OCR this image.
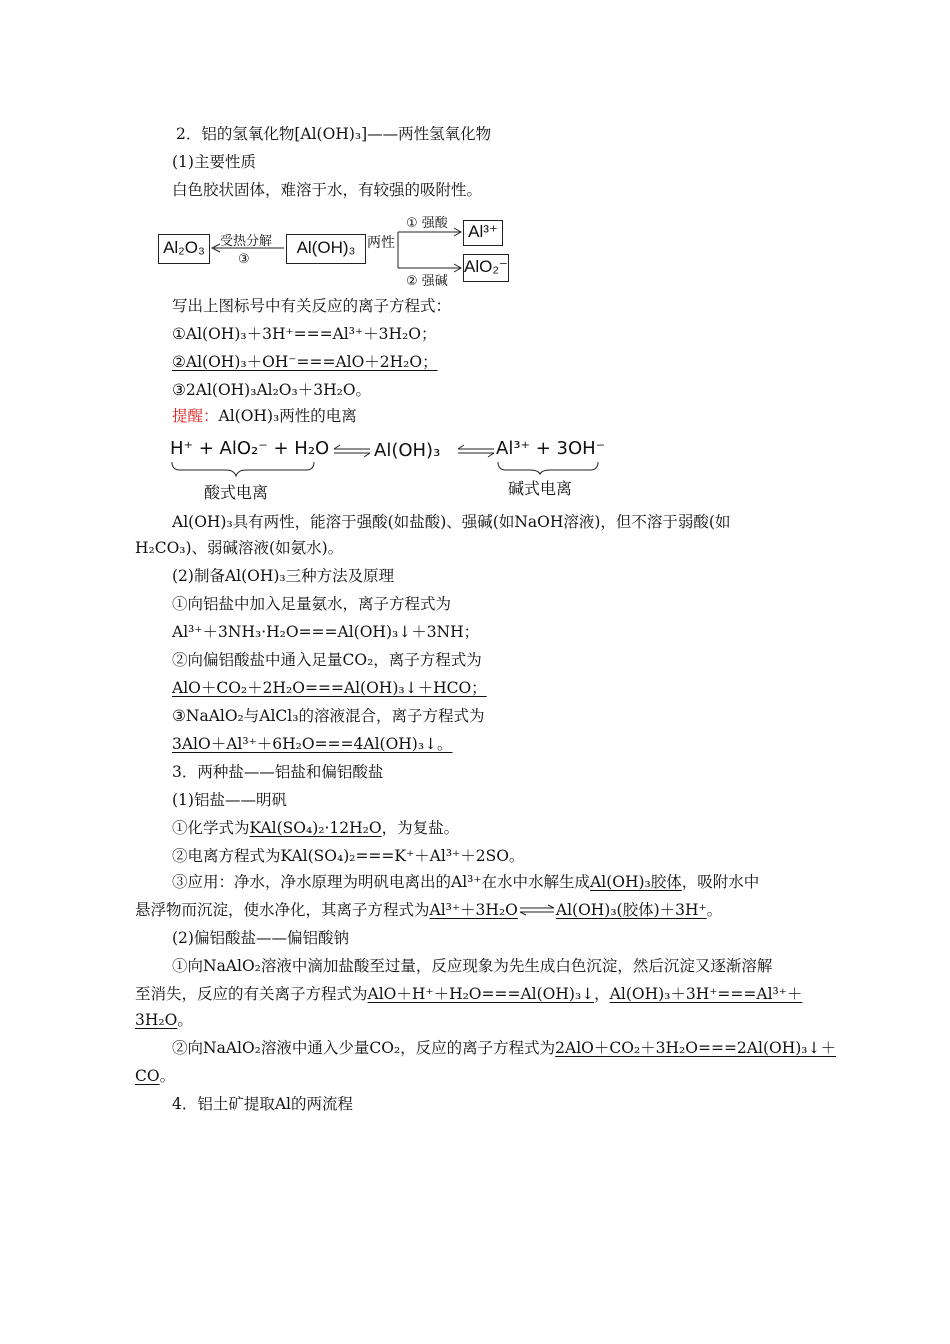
2．铝的氢氧化物[Al(OH)₃]——两性氢氧化物
(1)主要性质
白色胶状固体，难溶于水，有较强的吸附性。
Al₂O₃	Al(OH)₃
Al³⁺
AlO₂⁻
受热分解
③
两性
① 强酸
② 强碱
写出上图标号中有关反应的离子方程式：
①Al(OH)₃＋3H⁺===Al³⁺＋3H₂O；
②Al(OH)₃＋OH⁻===AlO＋2H₂O；
③2Al(OH)₃Al₂O₃＋3H₂O。
提醒：Al(OH)₃两性的电离
H⁺ + AlO₂⁻ + H₂O Al(OH)₃	Al³⁺ + 3OH⁻
酸式电离	碱式电离
Al(OH)₃具有两性，能溶于强酸(如盐酸)、强碱(如NaOH溶液)，但不溶于弱酸(如
H₂CO₃)、弱碱溶液(如氨水)。
(2)制备Al(OH)₃三种方法及原理
①向铝盐中加入足量氨水，离子方程式为
Al³⁺＋3NH₃·H₂O===Al(OH)₃↓＋3NH；
②向偏铝酸盐中通入足量CO₂，离子方程式为
AlO＋CO₂＋2H₂O===Al(OH)₃↓＋HCO；
③NaAlO₂与AlCl₃的溶液混合，离子方程式为
3AlO＋Al³⁺＋6H₂O===4Al(OH)₃↓。
3．两种盐——铝盐和偏铝酸盐
(1)铝盐——明矾
①化学式为KAl(SO₄)₂·12H₂O，为复盐。
②电离方程式为KAl(SO₄)₂===K⁺＋Al³⁺＋2SO。
③应用：净水，净水原理为明矾电离出的Al³⁺在水中水解生成Al(OH)₃胶体，吸附水中
悬浮物而沉淀，使水净化，其离子方程式为Al³⁺＋3H₂O⇌Al(OH)₃(胶体)＋3H⁺。
(2)偏铝酸盐——偏铝酸钠
①向NaAlO₂溶液中滴加盐酸至过量，反应现象为先生成白色沉淀，然后沉淀又逐渐溶解
至消失，反应的有关离子方程式为AlO＋H⁺＋H₂O===Al(OH)₃↓，Al(OH)₃＋3H⁺===Al³⁺＋
3H₂O。
②向NaAlO₂溶液中通入少量CO₂，反应的离子方程式为2AlO＋CO₂＋3H₂O===2Al(OH)₃↓＋
CO。
4．铝土矿提取Al的两流程
